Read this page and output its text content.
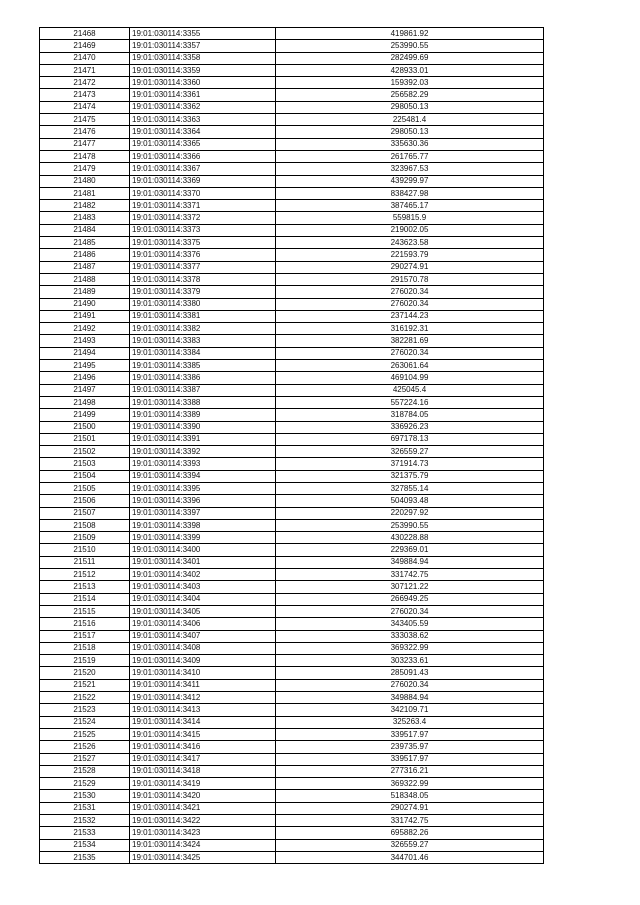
21468	19:01:030114:3355	419861.92
21469	19:01:030114:3357	253990.55
21470	19:01:030114:3358	282499.69
21471	19:01:030114:3359	428933.01
21472	19:01:030114:3360	159392.03
21473	19:01:030114:3361	256582.29
21474	19:01:030114:3362	298050.13
21475	19:01:030114:3363	225481.4
21476	19:01:030114:3364	298050.13
21477	19:01:030114:3365	335630.36
21478	19:01:030114:3366	261765.77
21479	19:01:030114:3367	323967.53
21480	19:01:030114:3369	439299.97
21481	19:01:030114:3370	838427.98
21482	19:01:030114:3371	387465.17
21483	19:01:030114:3372	559815.9
21484	19:01:030114:3373	219002.05
21485	19:01:030114:3375	243623.58
21486	19:01:030114:3376	221593.79
21487	19:01:030114:3377	290274.91
21488	19:01:030114:3378	291570.78
21489	19:01:030114:3379	276020.34
21490	19:01:030114:3380	276020.34
21491	19:01:030114:3381	237144.23
21492	19:01:030114:3382	316192.31
21493	19:01:030114:3383	382281.69
21494	19:01:030114:3384	276020.34
21495	19:01:030114:3385	263061.64
21496	19:01:030114:3386	469104.99
21497	19:01:030114:3387	425045.4
21498	19:01:030114:3388	557224.16
21499	19:01:030114:3389	318784.05
21500	19:01:030114:3390	336926.23
21501	19:01:030114:3391	697178.13
21502	19:01:030114:3392	326559.27
21503	19:01:030114:3393	371914.73
21504	19:01:030114:3394	321375.79
21505	19:01:030114:3395	327855.14
21506	19:01:030114:3396	504093.48
21507	19:01:030114:3397	220297.92
21508	19:01:030114:3398	253990.55
21509	19:01:030114:3399	430228.88
21510	19:01:030114:3400	229369.01
21511	19:01:030114:3401	349884.94
21512	19:01:030114:3402	331742.75
21513	19:01:030114:3403	307121.22
21514	19:01:030114:3404	266949.25
21515	19:01:030114:3405	276020.34
21516	19:01:030114:3406	343405.59
21517	19:01:030114:3407	333038.62
21518	19:01:030114:3408	369322.99
21519	19:01:030114:3409	303233.61
21520	19:01:030114:3410	285091.43
21521	19:01:030114:3411	276020.34
21522	19:01:030114:3412	349884.94
21523	19:01:030114:3413	342109.71
21524	19:01:030114:3414	325263.4
21525	19:01:030114:3415	339517.97
21526	19:01:030114:3416	239735.97
21527	19:01:030114:3417	339517.97
21528	19:01:030114:3418	277316.21
21529	19:01:030114:3419	369322.99
21530	19:01:030114:3420	518348.05
21531	19:01:030114:3421	290274.91
21532	19:01:030114:3422	331742.75
21533	19:01:030114:3423	695882.26
21534	19:01:030114:3424	326559.27
21535	19:01:030114:3425	344701.46
